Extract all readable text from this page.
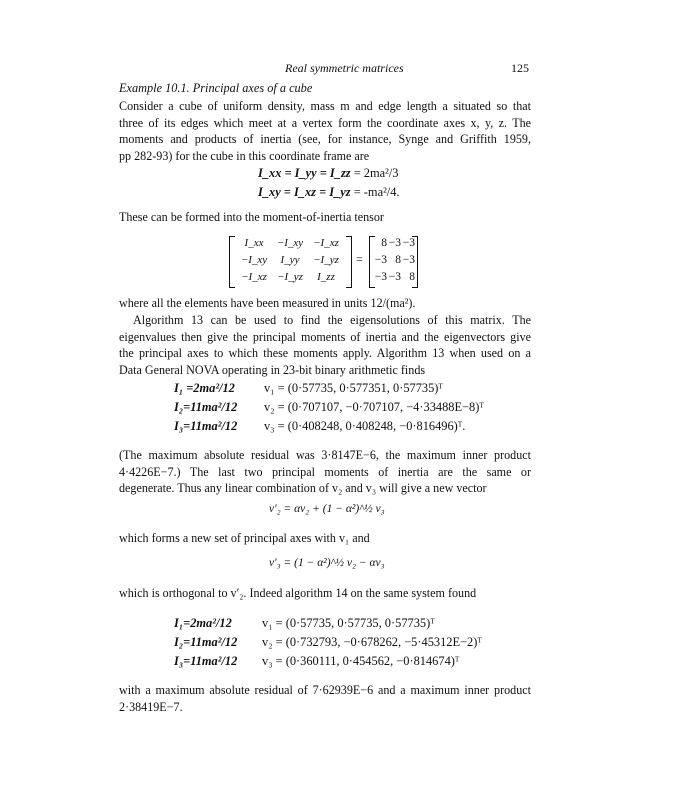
Real symmetric matrices	125
Example 10.1. Principal axes of a cube
Consider a cube of uniform density, mass m and edge length a situated so that
three of its edges which meet at a vertex form the coordinate axes x, y, z. The
moments and products of inertia (see, for instance, Synge and Griffith 1959,
pp 282-93) for the cube in this coordinate frame are
I_xx = I_yy = I_zz = 2ma²/3
I_xy = I_xz = I_yz = -ma²/4.
These can be formed into the moment-of-inertia tensor
I_xx	−I_xy −I_xz
−I_xy	I_yy	−I_yz
−I_xz −I_yz	I_zz
=
8 −3 −3
−3 8 −3
−3 −3 8
where all the elements have been measured in units 12/(ma²).
Algorithm 13 can be used to find the eigensolutions of this matrix. The
eigenvalues then give the principal moments of inertia and the eigenvectors give
the principal axes to which these moments apply. Algorithm 13 when used on a
Data General NOVA operating in 23-bit binary arithmetic finds
I₁ =2ma²/12 v₁ = (0·57735, 0·577351, 0·57735)ᵀ
I₂=11ma²/12 v₂ = (0·707107, −0·707107, −4·33488E−8)ᵀ
I₃=11ma²/12 v₃ = (0·408248, 0·408248, −0·816496)ᵀ.
(The maximum absolute residual was 3·8147E−6, the maximum inner product
4·4226E−7.) The last two principal moments of inertia are the same or
degenerate. Thus any linear combination of v₂ and v₃ will give a new vector
v′₂ = αv₂ + (1 − α²)^½ v₃
which forms a new set of principal axes with v₁ and
v′₃ = (1 − α²)^½ v₂ − αv₃
which is orthogonal to v′₂. Indeed algorithm 14 on the same system found
I₁=2ma²/12 v₁ = (0·57735, 0·57735, 0·57735)ᵀ
I₂=11ma²/12 v₂ = (0·732793, −0·678262, −5·45312E−2)ᵀ
I₃=11ma²/12 v₃ = (0·360111, 0·454562, −0·814674)ᵀ
with a maximum absolute residual of 7·62939E−6 and a maximum inner product
2·38419E−7.
